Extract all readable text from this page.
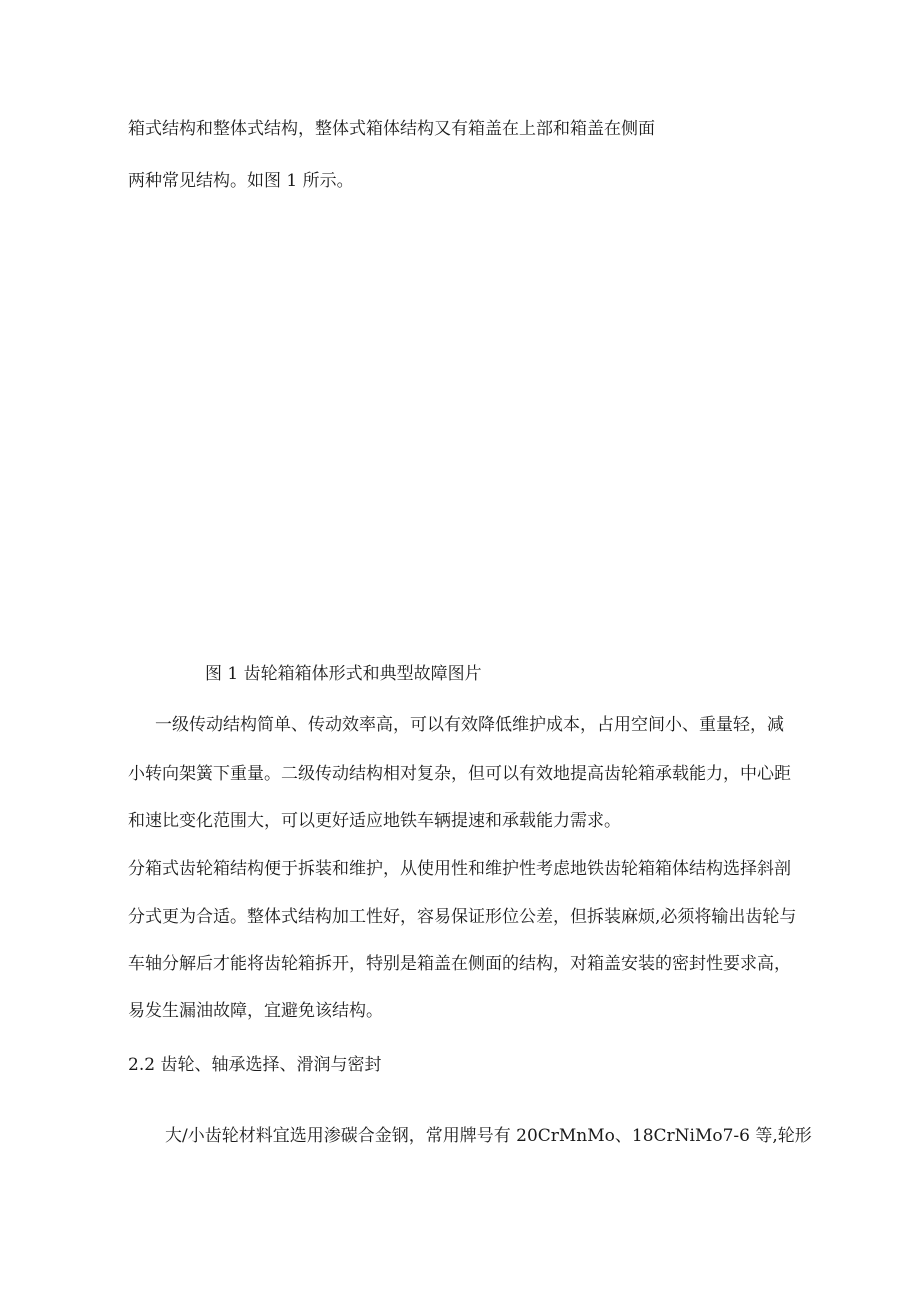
箱式结构和整体式结构，整体式箱体结构又有箱盖在上部和箱盖在侧面
两种常见结构。如图 1 所示。
图 1 齿轮箱箱体形式和典型故障图片
一级传动结构简单、传动效率高，可以有效降低维护成本，占用空间小、重量轻，减
小转向架簧下重量。二级传动结构相对复杂，但可以有效地提高齿轮箱承载能力，中心距
和速比变化范围大，可以更好适应地铁车辆提速和承载能力需求。
分箱式齿轮箱结构便于拆装和维护，从使用性和维护性考虑地铁齿轮箱箱体结构选择斜剖
分式更为合适。整体式结构加工性好，容易保证形位公差，但拆装麻烦,必须将输出齿轮与
车轴分解后才能将齿轮箱拆开，特别是箱盖在侧面的结构，对箱盖安装的密封性要求高，
易发生漏油故障，宜避免该结构。
2.2 齿轮、轴承选择、滑润与密封
大/小齿轮材料宜选用渗碳合金钢，常用牌号有 20CrMnMo、18CrNiMo7-6 等,轮形
